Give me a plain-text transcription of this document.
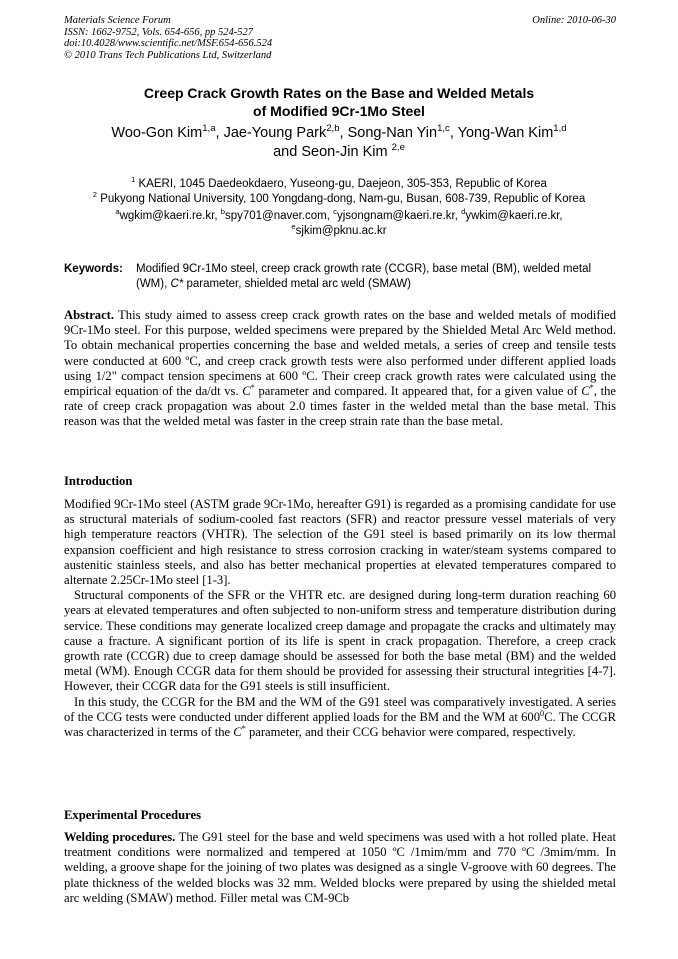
Materials Science Forum
ISSN: 1662-9752, Vols. 654-656, pp 524-527
doi:10.4028/www.scientific.net/MSF.654-656.524
© 2010 Trans Tech Publications Ltd, Switzerland
Online: 2010-06-30
Creep Crack Growth Rates on the Base and Welded Metals
of Modified 9Cr-1Mo Steel
Woo-Gon Kim$^{1,a}$, Jae-Young Park$^{2,b}$, Song-Nan Yin$^{1,c}$, Yong-Wan Kim$^{1,d}$
and Seon-Jin Kim $^{2,e}$
$^1$ KAERI, 1045 Daedeokdaero, Yuseong-gu, Daejeon, 305-353, Republic of Korea
$^2$ Pukyong National University, 100 Yongdang-dong, Nam-gu, Busan, 608-739, Republic of Korea
$^a$wgkim@kaeri.re.kr, $^b$spy701@naver.com, $^c$yjsongnam@kaeri.re.kr, $^d$ywkim@kaeri.re.kr,
$^e$sjkim@pknu.ac.kr
Keywords:	Modified 9Cr-1Mo steel, creep crack growth rate (CCGR), base metal (BM), welded metal (WM), C* parameter, shielded metal arc weld (SMAW)

Abstract. This study aimed to assess creep crack growth rates on the base and welded metals of modified 9Cr-1Mo steel. For this purpose, welded specimens were prepared by the Shielded Metal Arc Weld method. To obtain mechanical properties concerning the base and welded metals, a series of creep and tensile tests were conducted at 600 ºC, and creep crack growth tests were also performed under different applied loads using 1/2" compact tension specimens at 600 ºC. Their creep crack growth rates were calculated using the empirical equation of the da/dt vs. C* parameter and compared. It appeared that, for a given value of C*, the rate of creep crack propagation was about 2.0 times faster in the welded metal than the base metal. This reason was that the welded metal was faster in the creep strain rate than the base metal.

Introduction

Modified 9Cr-1Mo steel (ASTM grade 9Cr-1Mo, hereafter G91) is regarded as a promising candidate for use as structural materials of sodium-cooled fast reactors (SFR) and reactor pressure vessel materials of very high temperature reactors (VHTR). The selection of the G91 steel is based primarily on its low thermal expansion coefficient and high resistance to stress corrosion cracking in water/steam systems compared to austenitic stainless steels, and also has better mechanical properties at elevated temperatures compared to alternate 2.25Cr-1Mo steel [1-3].

Structural components of the SFR or the VHTR etc. are designed during long-term duration reaching 60 years at elevated temperatures and often subjected to non-uniform stress and temperature distribution during service. These conditions may generate localized creep damage and propagate the cracks and ultimately may cause a fracture. A significant portion of its life is spent in crack propagation. Therefore, a creep crack growth rate (CCGR) due to creep damage should be assessed for both the base metal (BM) and the welded metal (WM). Enough CCGR data for them should be provided for assessing their structural integrities [4-7]. However, their CCGR data for the G91 steels is still insufficient.

In this study, the CCGR for the BM and the WM of the G91 steel was comparatively investigated. A series of the CCG tests were conducted under different applied loads for the BM and the WM at $600^0C$. The CCGR was characterized in terms of the C* parameter, and their CCG behavior were compared, respectively.

Experimental Procedures

Welding procedures. The G91 steel for the base and weld specimens was used with a hot rolled plate. Heat treatment conditions were normalized and tempered at 1050 ºC /1mim/mm and 770 ºC /3mim/mm. In welding, a groove shape for the joining of two plates was designed as a single V-groove with 60 degrees. The plate thickness of the welded blocks was 32 mm. Welded blocks were prepared by using the shielded metal arc welding (SMAW) method. Filler metal was CM-9Cb
